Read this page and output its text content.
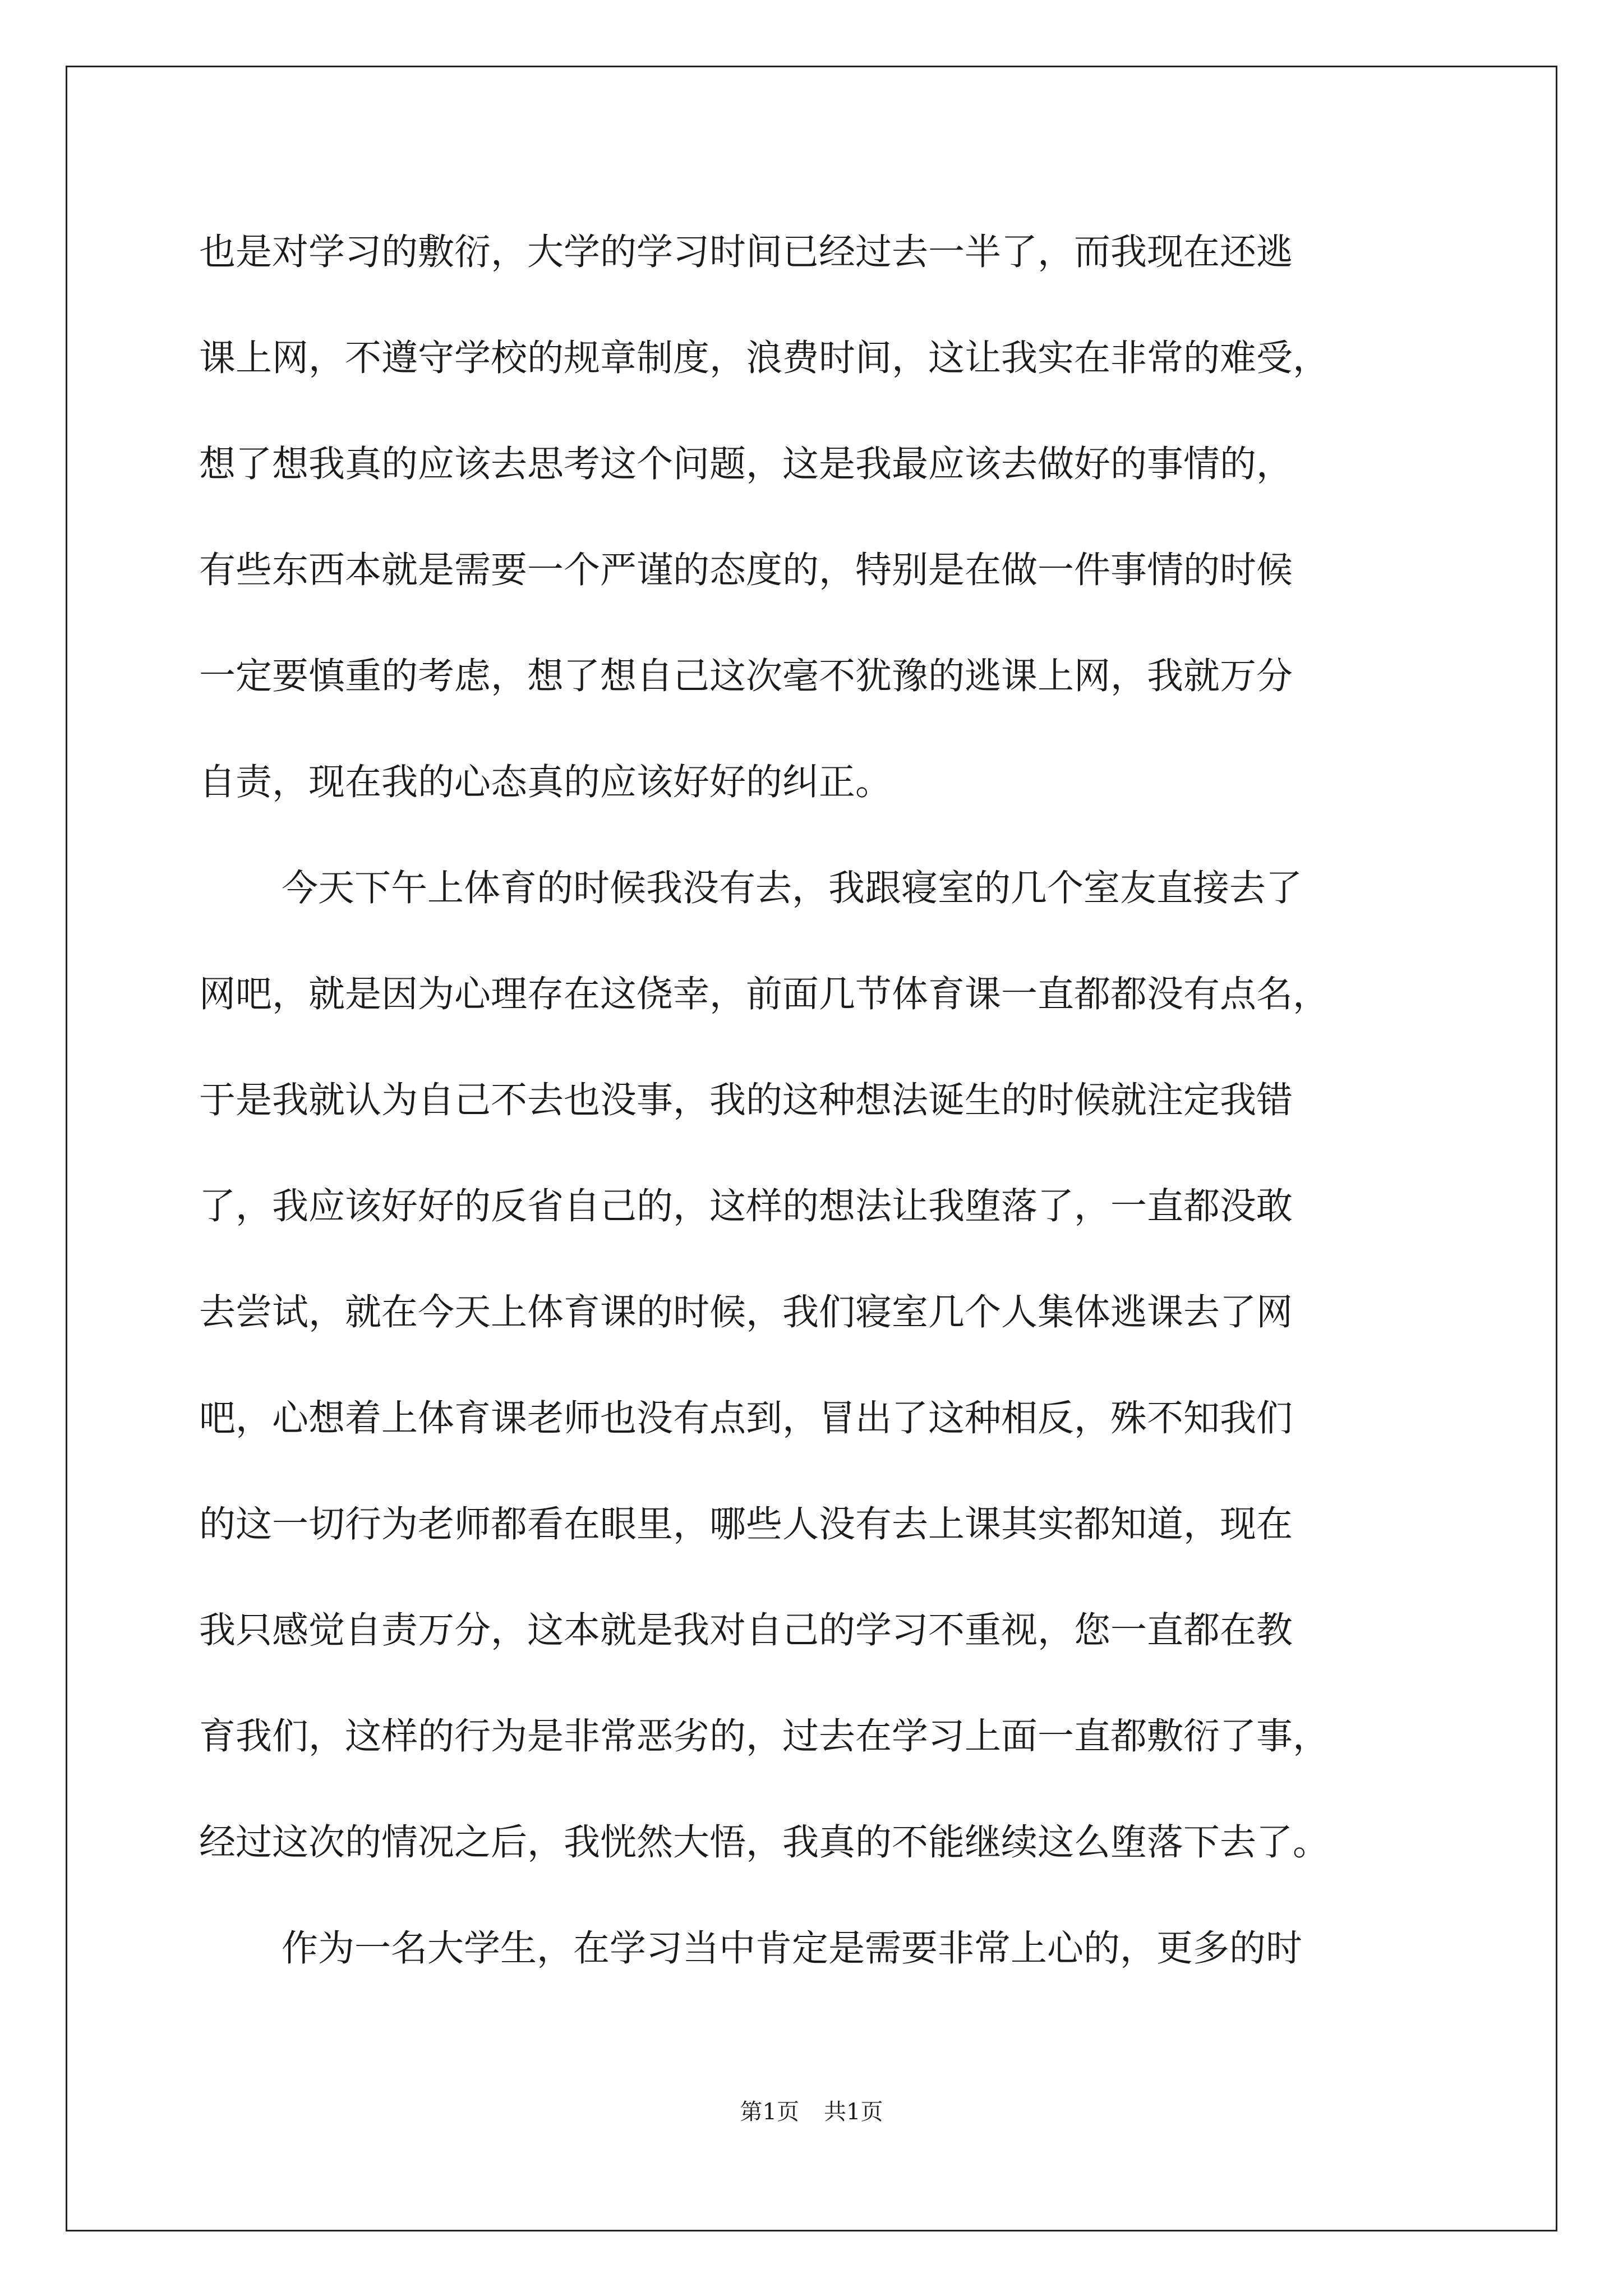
也是对学习的敷衍，大学的学习时间已经过去一半了，而我现在还逃
课上网，不遵守学校的规章制度，浪费时间，这让我实在非常的难受，
想了想我真的应该去思考这个问题，这是我最应该去做好的事情的，
有些东西本就是需要一个严谨的态度的，特别是在做一件事情的时候
一定要慎重的考虑，想了想自己这次毫不犹豫的逃课上网，我就万分
自责，现在我的心态真的应该好好的纠正。
今天下午上体育的时候我没有去，我跟寝室的几个室友直接去了
网吧，就是因为心理存在这侥幸，前面几节体育课一直都都没有点名，
于是我就认为自己不去也没事，我的这种想法诞生的时候就注定我错
了，我应该好好的反省自己的，这样的想法让我堕落了，一直都没敢
去尝试，就在今天上体育课的时候，我们寝室几个人集体逃课去了网
吧，心想着上体育课老师也没有点到，冒出了这种相反，殊不知我们
的这一切行为老师都看在眼里，哪些人没有去上课其实都知道，现在
我只感觉自责万分，这本就是我对自己的学习不重视，您一直都在教
育我们，这样的行为是非常恶劣的，过去在学习上面一直都敷衍了事，
经过这次的情况之后，我恍然大悟，我真的不能继续这么堕落下去了。
作为一名大学生，在学习当中肯定是需要非常上心的，更多的时
第1页 共1页
